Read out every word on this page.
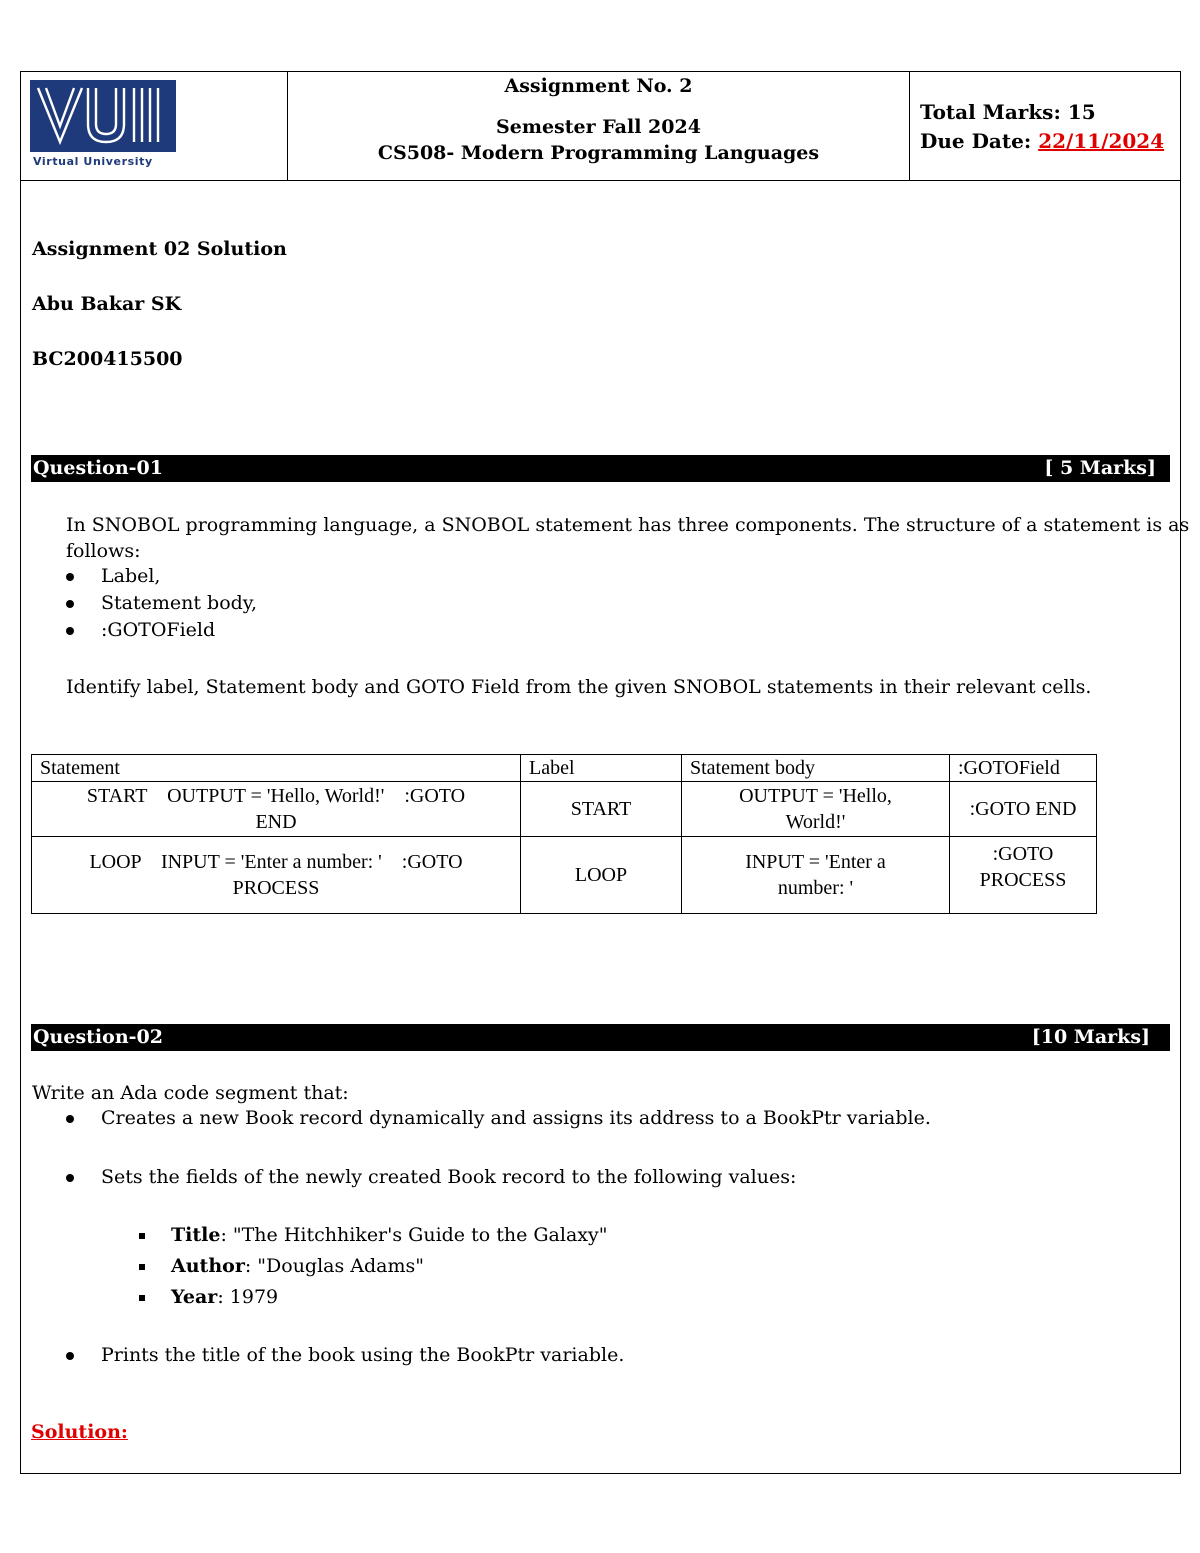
Virtual University
Assignment No. 2
Semester Fall 2024
CS508- Modern Programming Languages
Total Marks: 15
Due Date: 22/11/2024
Assignment 02 Solution
Abu Bakar SK
BC200415500
Question-01	[ 5 Marks]
In SNOBOL programming language, a SNOBOL statement has three components. The structure of a statement is as
follows:
Label,
Statement body,
:GOTOField
Identify label, Statement body and GOTO Field from the given SNOBOL statements in their relevant cells.
Statement	Label	Statement body	:GOTOField
START    OUTPUT = 'Hello, World!'    :GOTO
END	START	OUTPUT = 'Hello,
World!'	:GOTO END
LOOP    INPUT = 'Enter a number: '    :GOTO
PROCESS	LOOP	INPUT = 'Enter a
number: '	:GOTO
PROCESS
Question-02	[10 Marks]
Write an Ada code segment that:
Creates a new Book record dynamically and assigns its address to a BookPtr variable.
Sets the fields of the newly created Book record to the following values:
Title: "The Hitchhiker's Guide to the Galaxy"
Author: "Douglas Adams"
Year: 1979
Prints the title of the book using the BookPtr variable.
Solution:
